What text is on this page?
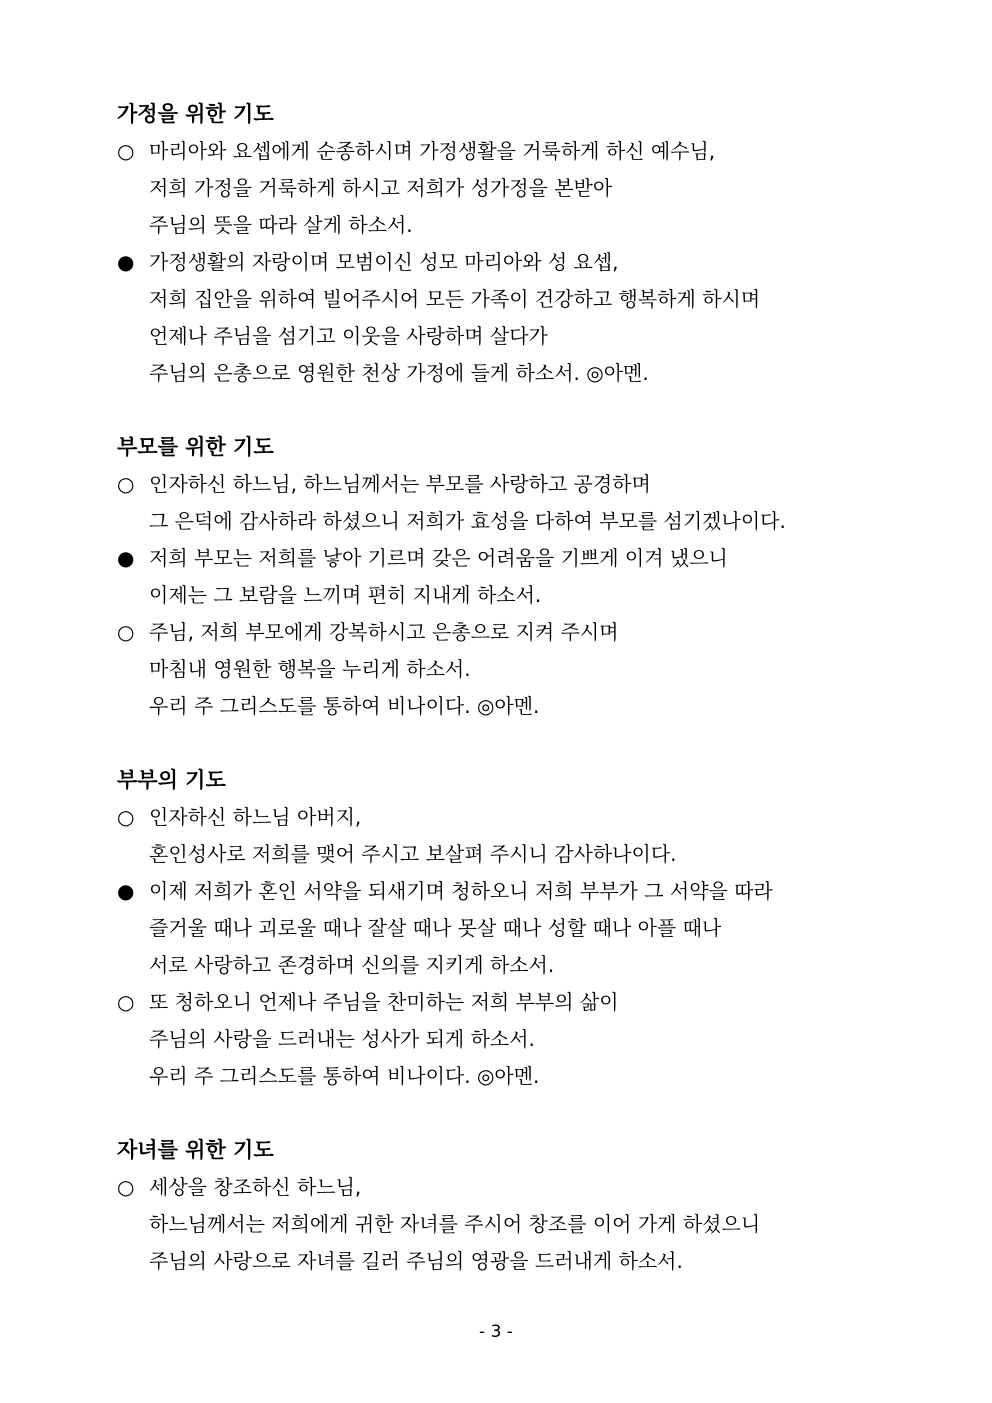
가정을 위한 기도
○ 마리아와 요셉에게 순종하시며 가정생활을 거룩하게 하신 예수님,
저희 가정을 거룩하게 하시고 저희가 성가정을 본받아
주님의 뜻을 따라 살게 하소서.
● 가정생활의 자랑이며 모범이신 성모 마리아와 성 요셉,
저희 집안을 위하여 빌어주시어 모든 가족이 건강하고 행복하게 하시며
언제나 주님을 섬기고 이웃을 사랑하며 살다가
주님의 은총으로 영원한 천상 가정에 들게 하소서. ◎아멘.
부모를 위한 기도
○ 인자하신 하느님, 하느님께서는 부모를 사랑하고 공경하며
그 은덕에 감사하라 하셨으니 저희가 효성을 다하여 부모를 섬기겠나이다.
● 저희 부모는 저희를 낳아 기르며 갖은 어려움을 기쁘게 이겨 냈으니
이제는 그 보람을 느끼며 편히 지내게 하소서.
○ 주님, 저희 부모에게 강복하시고 은총으로 지켜 주시며
마침내 영원한 행복을 누리게 하소서.
우리 주 그리스도를 통하여 비나이다. ◎아멘.
부부의 기도
○ 인자하신 하느님 아버지,
혼인성사로 저희를 맺어 주시고 보살펴 주시니 감사하나이다.
● 이제 저희가 혼인 서약을 되새기며 청하오니 저희 부부가 그 서약을 따라
즐거울 때나 괴로울 때나 잘살 때나 못살 때나 성할 때나 아플 때나
서로 사랑하고 존경하며 신의를 지키게 하소서.
○ 또 청하오니 언제나 주님을 찬미하는 저희 부부의 삶이
주님의 사랑을 드러내는 성사가 되게 하소서.
우리 주 그리스도를 통하여 비나이다. ◎아멘.
자녀를 위한 기도
○ 세상을 창조하신 하느님,
하느님께서는 저희에게 귀한 자녀를 주시어 창조를 이어 가게 하셨으니
주님의 사랑으로 자녀를 길러 주님의 영광을 드러내게 하소서.
- 3 -
